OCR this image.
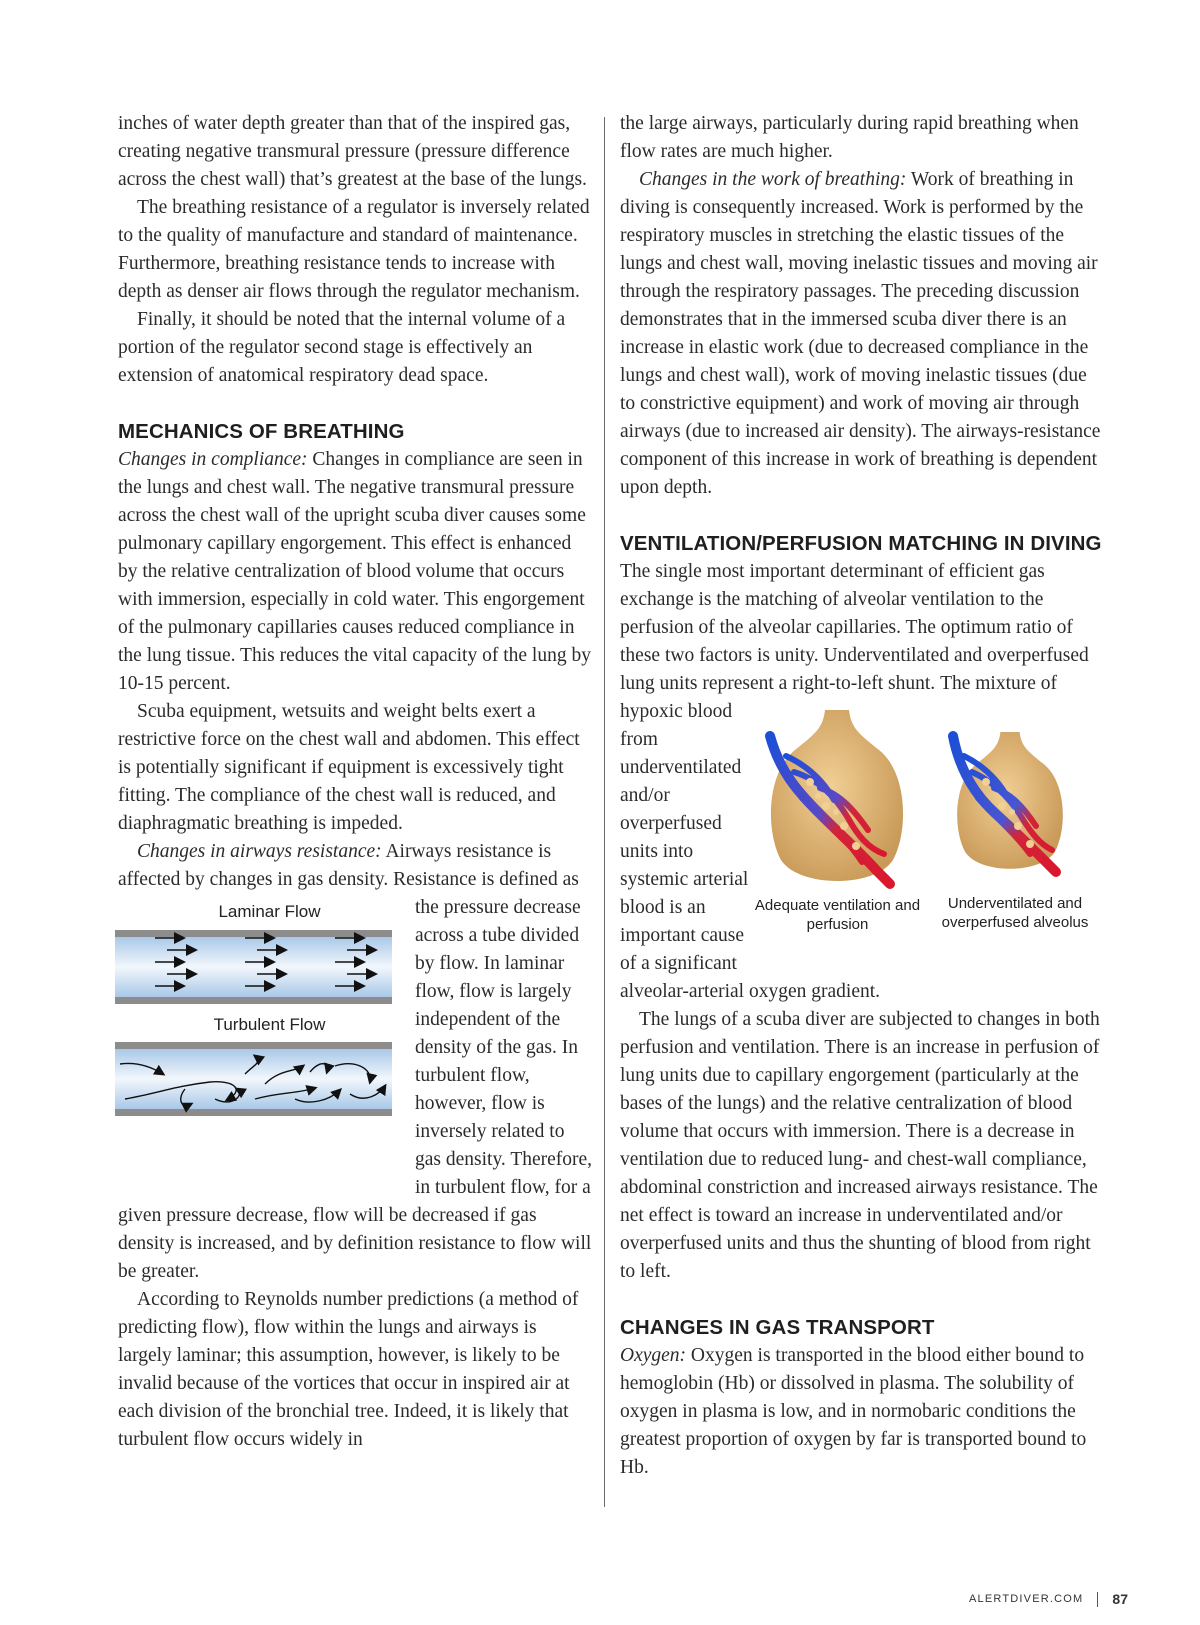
inches of water depth greater than that of the inspired gas, creating negative transmural pressure (pressure difference across the chest wall) that’s greatest at the base of the lungs.

The breathing resistance of a regulator is inversely related to the quality of manufacture and standard of maintenance. Furthermore, breathing resistance tends to increase with depth as denser air flows through the regulator mechanism.

Finally, it should be noted that the internal volume of a portion of the regulator second stage is effectively an extension of anatomical respiratory dead space.

MECHANICS OF BREATHING

Changes in compliance: Changes in compliance are seen in the lungs and chest wall. The negative transmural pressure across the chest wall of the upright scuba diver causes some pulmonary capillary engorgement. This effect is enhanced by the relative centralization of blood volume that occurs with immersion, especially in cold water. This engorgement of the pulmonary capillaries causes reduced compliance in the lung tissue. This reduces the vital capacity of the lung by 10-15 percent.

Scuba equipment, wetsuits and weight belts exert a restrictive force on the chest wall and abdomen. This effect is potentially significant if equipment is excessively tight fitting. The compliance of the chest wall is reduced, and diaphragmatic breathing is impeded.

Changes in airways resistance: Airways resistance is affected by changes in gas density. Resistance is defined
Laminar Flow
Turbulent Flow
as the pressure decrease across a tube divided by flow. In laminar flow, flow is largely independent of the density of the gas. In turbulent flow, however, flow is inversely related to gas density. Therefore, in turbulent flow, for a given pressure decrease, flow will be decreased if gas density is increased, and by definition resistance to flow will be greater.

According to Reynolds number predictions (a method of predicting flow), flow within the lungs and airways is largely laminar; this assumption, however, is likely to be invalid because of the vortices that occur in inspired air at each division of the bronchial tree. Indeed, it is likely that turbulent flow occurs widely in

the large airways, particularly during rapid breathing when flow rates are much higher.

Changes in the work of breathing: Work of breathing in diving is consequently increased. Work is performed by the respiratory muscles in stretching the elastic tissues of the lungs and chest wall, moving inelastic tissues and moving air through the respiratory passages. The preceding discussion demonstrates that in the immersed scuba diver there is an increase in elastic work (due to decreased compliance in the lungs and chest wall), work of moving inelastic tissues (due to constrictive equipment) and work of moving air through airways (due to increased air density). The airways-resistance component of this increase in work of breathing is dependent upon depth.

VENTILATION/PERFUSION MATCHING IN DIVING

The single most important determinant of efficient gas exchange is the matching of alveolar ventilation to the perfusion of the alveolar capillaries. The optimum ratio of these two factors is unity. Underventilated and overperfused lung units represent a right-to-left shunt.
Adequate ventilation and perfusion
Underventilated and overperfused alveolus
The mixture of hypoxic blood from underventilated and/or overperfused units into systemic arterial blood is an important cause of a significant alveolar-arterial oxygen gradient.

The lungs of a scuba diver are subjected to changes in both perfusion and ventilation. There is an increase in perfusion of lung units due to capillary engorgement (particularly at the bases of the lungs) and the relative centralization of blood volume that occurs with immersion. There is a decrease in ventilation due to reduced lung- and chest-wall compliance, abdominal constriction and increased airways resistance. The net effect is toward an increase in underventilated and/or overperfused units and thus the shunting of blood from right to left.

CHANGES IN GAS TRANSPORT

Oxygen: Oxygen is transported in the blood either bound to hemoglobin (Hb) or dissolved in plasma. The solubility of oxygen in plasma is low, and in normobaric conditions the greatest proportion of oxygen by far is transported bound to Hb.

ALERTDIVER.COM 87
